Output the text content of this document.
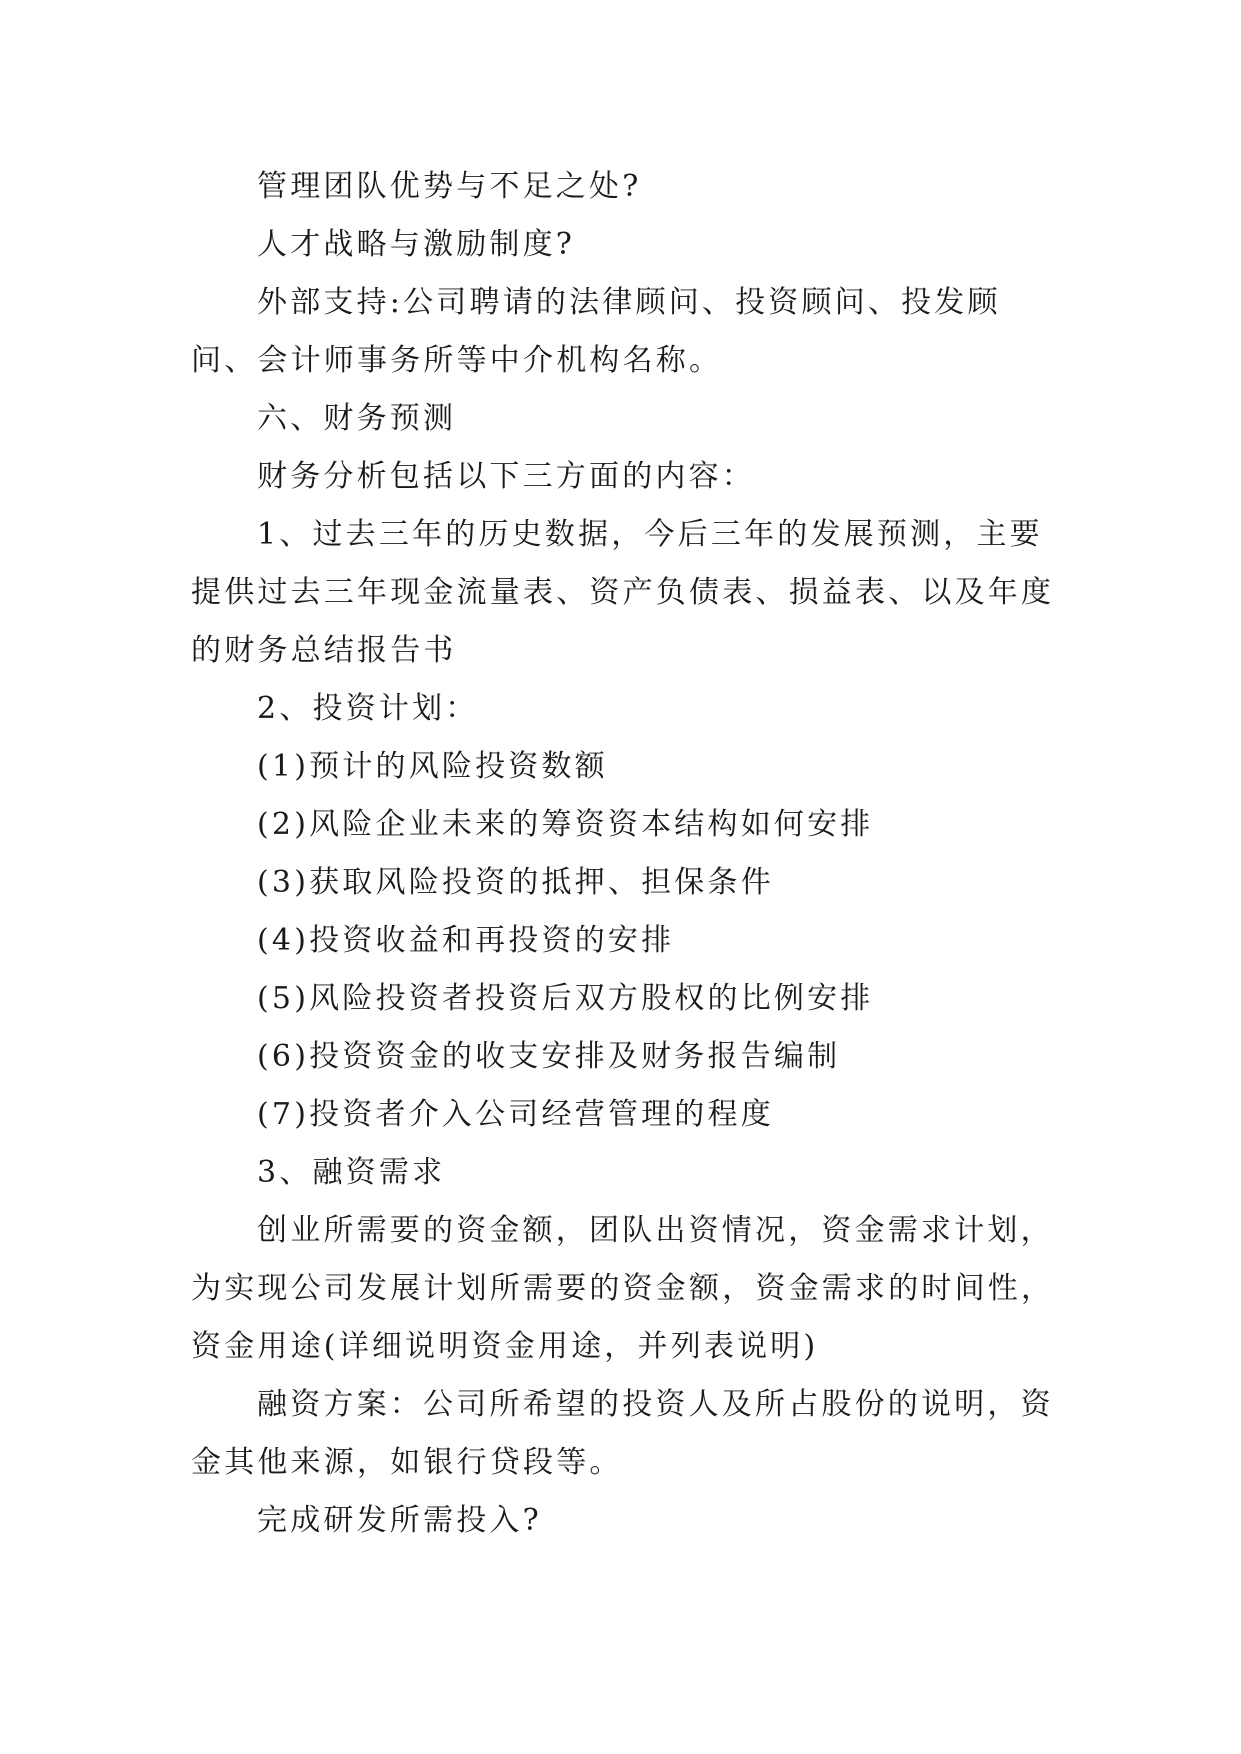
管理团队优势与不足之处?

人才战略与激励制度?

外部支持:公司聘请的法律顾问、投资顾问、投发顾问、会计师事务所等中介机构名称。

六、财务预测

财务分析包括以下三方面的内容：

1、过去三年的历史数据，今后三年的发展预测，主要提供过去三年现金流量表、资产负债表、损益表、以及年度的财务总结报告书

2、投资计划：

(1)预计的风险投资数额

(2)风险企业未来的筹资资本结构如何安排

(3)获取风险投资的抵押、担保条件

(4)投资收益和再投资的安排

(5)风险投资者投资后双方股权的比例安排

(6)投资资金的收支安排及财务报告编制

(7)投资者介入公司经营管理的程度

3、融资需求

创业所需要的资金额，团队出资情况，资金需求计划，为实现公司发展计划所需要的资金额，资金需求的时间性，资金用途(详细说明资金用途，并列表说明)

融资方案：公司所希望的投资人及所占股份的说明，资金其他来源，如银行贷段等。

完成研发所需投入?
